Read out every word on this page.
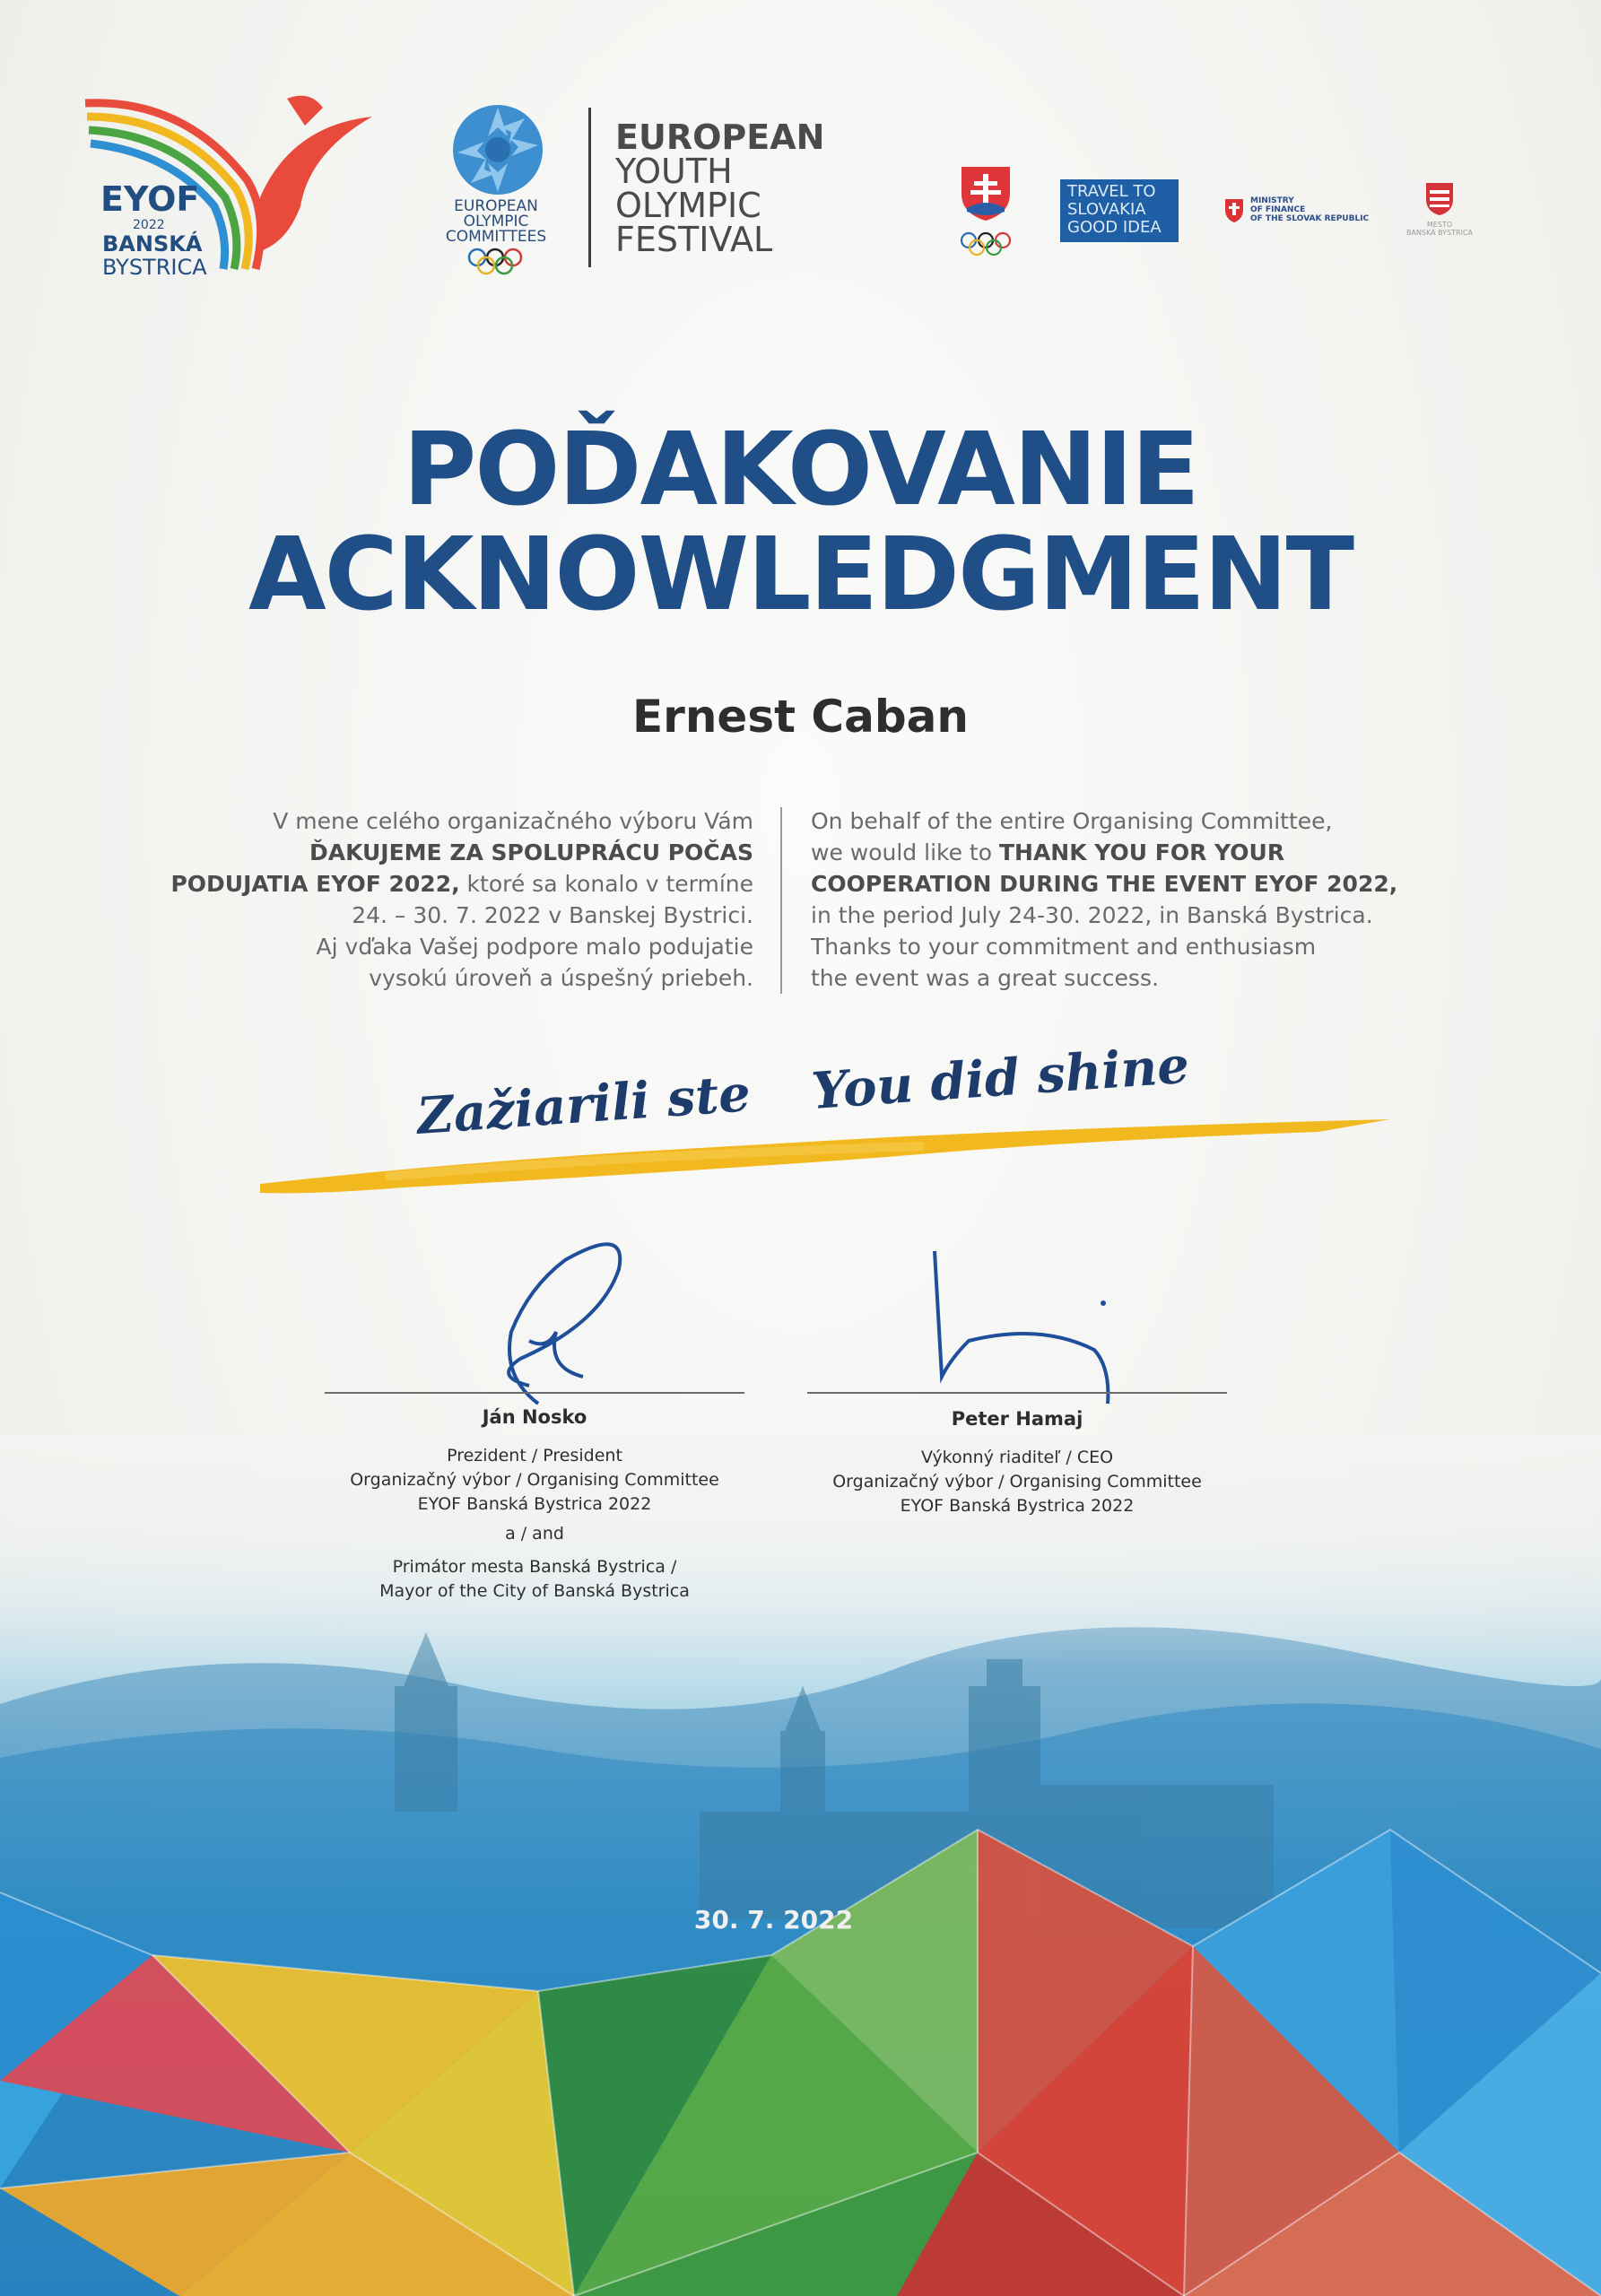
EYOF
2022
BANSKÁ
BYSTRICA
EUROPEAN
OLYMPIC
COMMITTEES
EUROPEAN
YOUTH
OLYMPIC
FESTIVAL
TRAVEL TO
SLOVAKIA
GOOD IDEA
MINISTRY
OF FINANCE
OF THE SLOVAK REPUBLIC
MESTO
BANSKÁ BYSTRICA
POĎAKOVANIE
ACKNOWLEDGMENT
Ernest Caban
V mene celého organizačného výboru Vám
ĎAKUJEME ZA SPOLUPRÁCU POČAS
PODUJATIA EYOF 2022, ktoré sa konalo v termíne
24. – 30. 7. 2022 v Banskej Bystrici.
Aj vďaka Vašej podpore malo podujatie
vysokú úroveň a úspešný priebeh.
On behalf of the entire Organising Committee,
we would like to THANK YOU FOR YOUR
COOPERATION DURING THE EVENT EYOF 2022,
in the period July 24-30. 2022, in Banská Bystrica.
Thanks to your commitment and enthusiasm
the event was a great success.
Zažiarili ste You did shine
Ján Nosko
Prezident / President
Organizačný výbor / Organising Committee
EYOF Banská Bystrica 2022
a / and
Primátor mesta Banská Bystrica /
Mayor of the City of Banská Bystrica
Peter Hamaj
Výkonný riaditeľ / CEO
Organizačný výbor / Organising Committee
EYOF Banská Bystrica 2022
30. 7. 2022
